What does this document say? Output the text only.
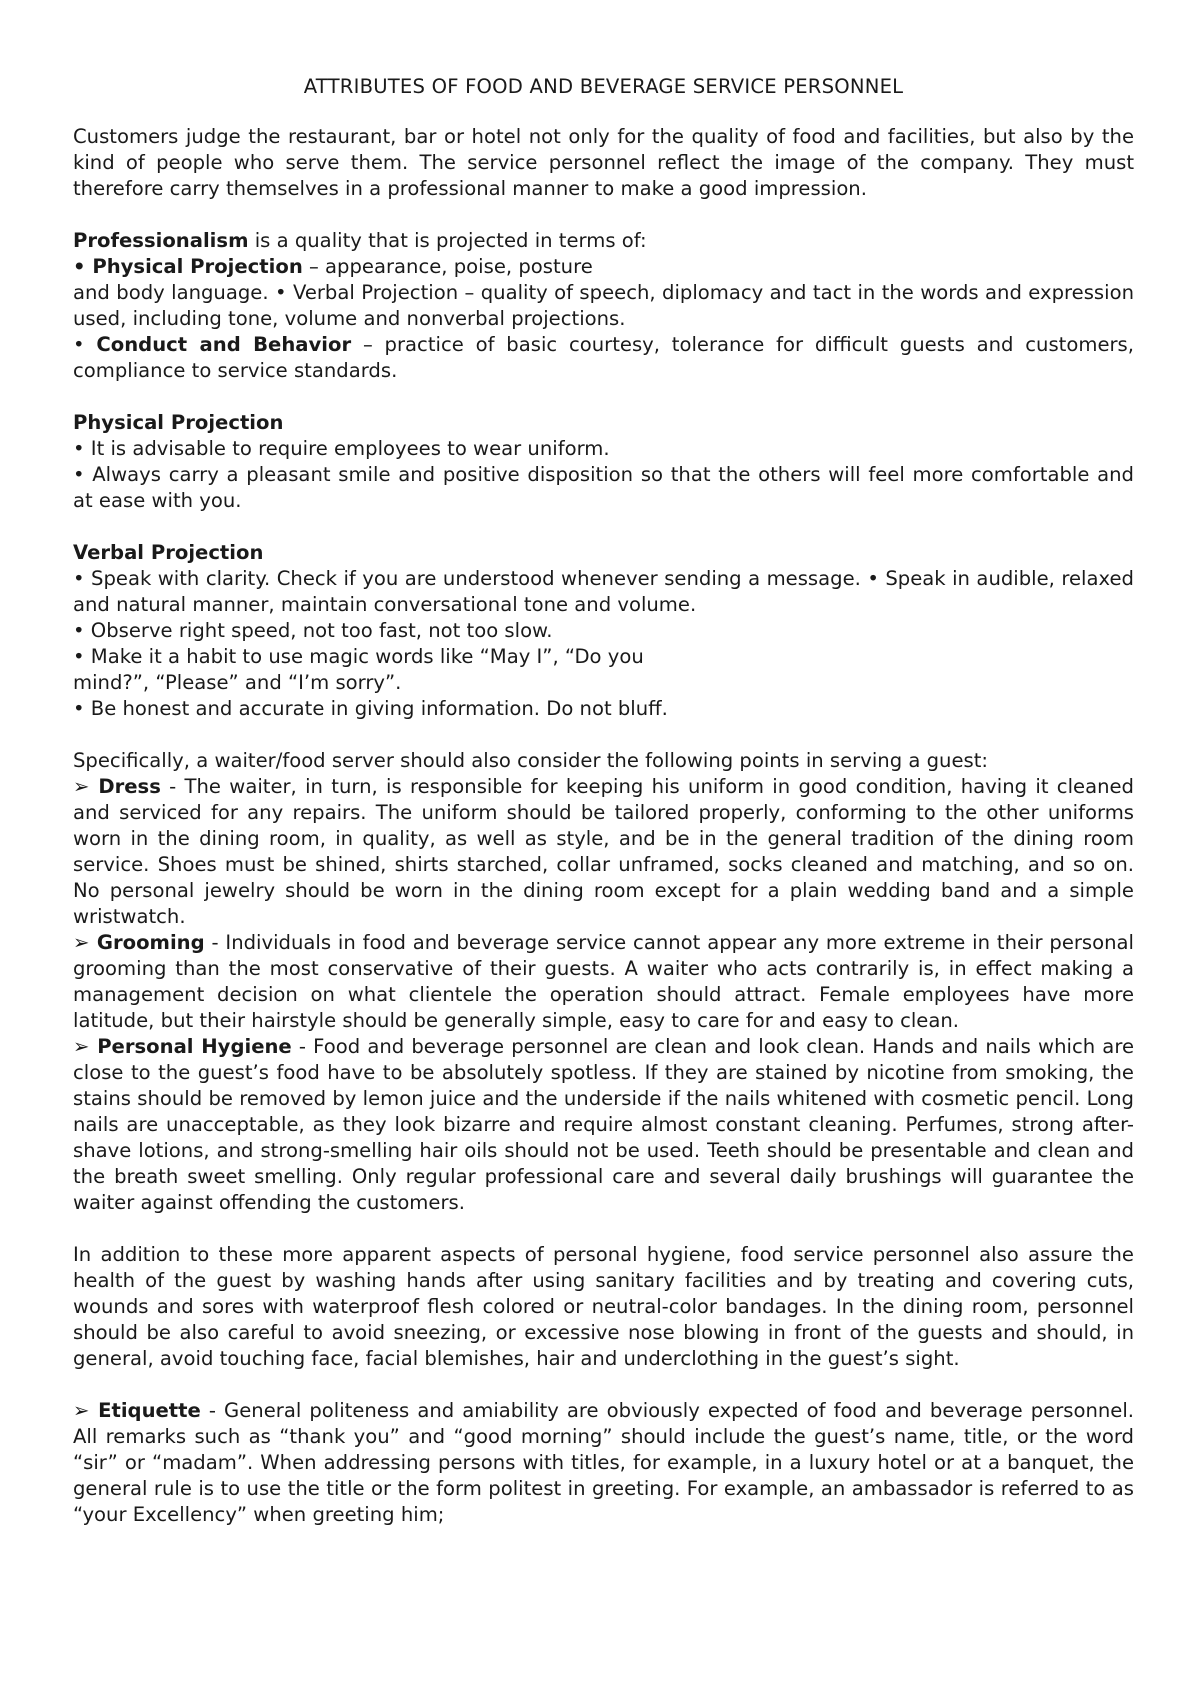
ATTRIBUTES OF FOOD AND BEVERAGE SERVICE PERSONNEL

Customers judge the restaurant, bar or hotel not only for the quality of food and facilities, but also by the kind of people who serve them. The service personnel reflect the image of the company. They must therefore carry themselves in a professional manner to make a good impression.

Professionalism is a quality that is projected in terms of:

• Physical Projection – appearance, poise, posture

and body language. • Verbal Projection – quality of speech, diplomacy and tact in the words and expression used, including tone, volume and nonverbal projections.

• Conduct and Behavior – practice of basic courtesy, tolerance for difficult guests and customers, compliance to service standards.

Physical Projection

• It is advisable to require employees to wear uniform.

• Always carry a pleasant smile and positive disposition so that the others will feel more comfortable and at ease with you.

Verbal Projection

• Speak with clarity. Check if you are understood whenever sending a message. • Speak in audible, relaxed and natural manner, maintain conversational tone and volume.

• Observe right speed, not too fast, not too slow.

• Make it a habit to use magic words like “May I”, “Do you

mind?”, “Please” and “I’m sorry”.

• Be honest and accurate in giving information. Do not bluff.

Specifically, a waiter/food server should also consider the following points in serving a guest:

➢ Dress - The waiter, in turn, is responsible for keeping his uniform in good condition, having it cleaned and serviced for any repairs. The uniform should be tailored properly, conforming to the other uniforms worn in the dining room, in quality, as well as style, and be in the general tradition of the dining room service. Shoes must be shined, shirts starched, collar unframed, socks cleaned and matching, and so on. No personal jewelry should be worn in the dining room except for a plain wedding band and a simple wristwatch.

➢ Grooming - Individuals in food and beverage service cannot appear any more extreme in their personal grooming than the most conservative of their guests. A waiter who acts contrarily is, in effect making a management decision on what clientele the operation should attract. Female employees have more latitude, but their hairstyle should be generally simple, easy to care for and easy to clean.

➢ Personal Hygiene - Food and beverage personnel are clean and look clean. Hands and nails which are close to the guest’s food have to be absolutely spotless. If they are stained by nicotine from smoking, the stains should be removed by lemon juice and the underside if the nails whitened with cosmetic pencil. Long nails are unacceptable, as they look bizarre and require almost constant cleaning. Perfumes, strong after-shave lotions, and strong-smelling hair oils should not be used. Teeth should be presentable and clean and the breath sweet smelling. Only regular professional care and several daily brushings will guarantee the waiter against offending the customers.

In addition to these more apparent aspects of personal hygiene, food service personnel also assure the health of the guest by washing hands after using sanitary facilities and by treating and covering cuts, wounds and sores with waterproof flesh colored or neutral-color bandages. In the dining room, personnel should be also careful to avoid sneezing, or excessive nose blowing in front of the guests and should, in general, avoid touching face, facial blemishes, hair and underclothing in the guest’s sight.

➢ Etiquette - General politeness and amiability are obviously expected of food and beverage personnel. All remarks such as “thank you” and “good morning” should include the guest’s name, title, or the word “sir” or “madam”. When addressing persons with titles, for example, in a luxury hotel or at a banquet, the general rule is to use the title or the form politest in greeting. For example, an ambassador is referred to as “your Excellency” when greeting him;
